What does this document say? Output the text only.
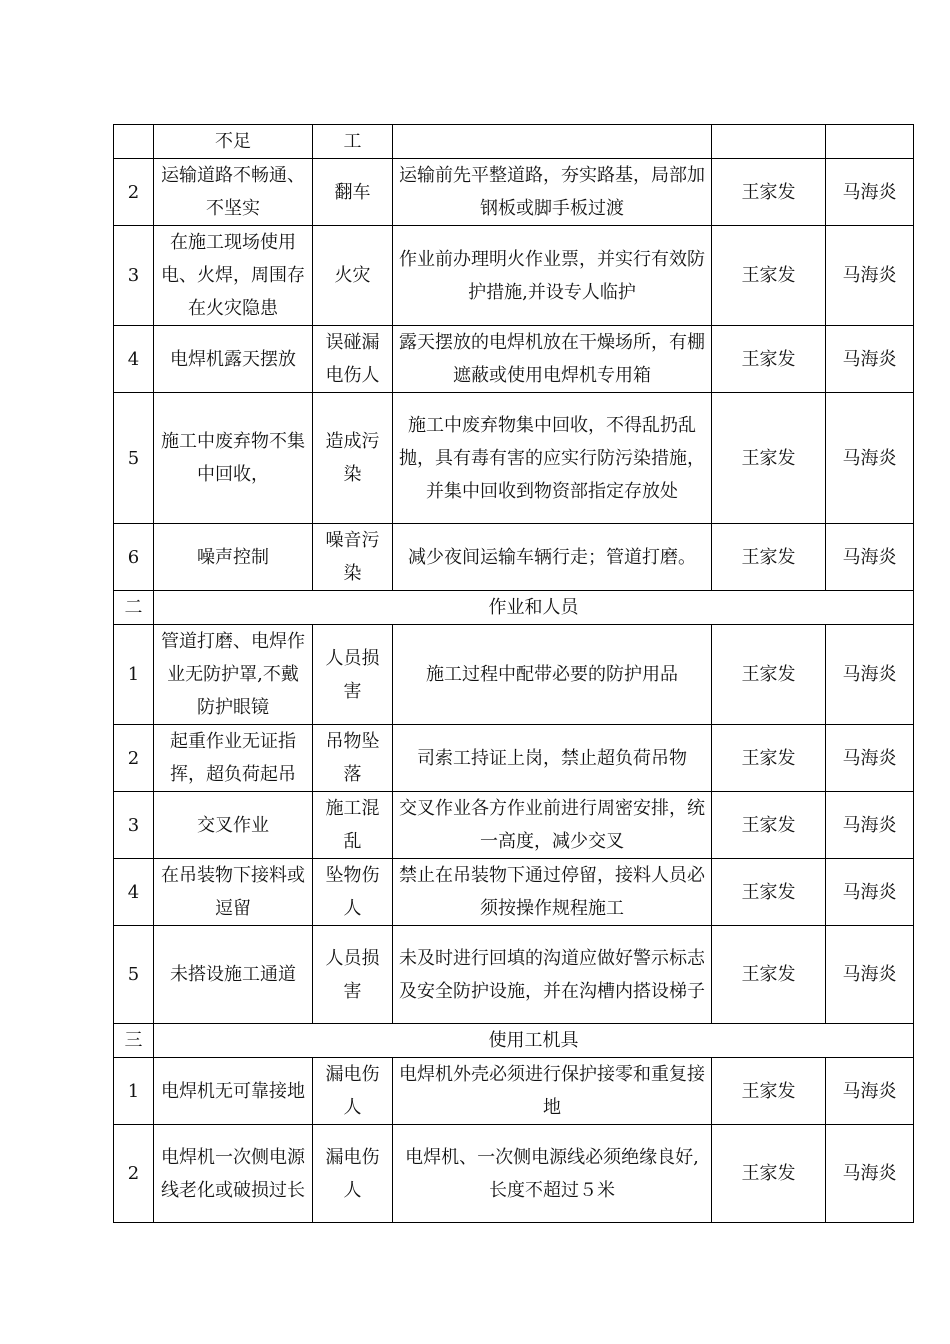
	不足	工			
2	运输道路不畅通、不坚实	翻车	运输前先平整道路，夯实路基，局部加钢板或脚手板过渡	王家发	马海炎
3	在施工现场使用电、火焊，周围存在火灾隐患	火灾	作业前办理明火作业票，并实行有效防护措施,并设专人临护	王家发	马海炎
4	电焊机露天摆放	误碰漏电伤人	露天摆放的电焊机放在干燥场所，有棚遮蔽或使用电焊机专用箱	王家发	马海炎
5	施工中废弃物不集中回收，	造成污染	施工中废弃物集中回收，不得乱扔乱抛，具有毒有害的应实行防污染措施，并集中回收到物资部指定存放处	王家发	马海炎
6	噪声控制	噪音污染	减少夜间运输车辆行走；管道打磨。	王家发	马海炎
二	作业和人员				
1	管道打磨、电焊作业无防护罩,不戴防护眼镜	人员损害	施工过程中配带必要的防护用品	王家发	马海炎
2	起重作业无证指挥，超负荷起吊	吊物坠落	司索工持证上岗，禁止超负荷吊物	王家发	马海炎
3	交叉作业	施工混乱	交叉作业各方作业前进行周密安排，统一高度，减少交叉	王家发	马海炎
4	在吊装物下接料或逗留	坠物伤人	禁止在吊装物下通过停留，接料人员必须按操作规程施工	王家发	马海炎
5	未搭设施工通道	人员损害	未及时进行回填的沟道应做好警示标志及安全防护设施，并在沟槽内搭设梯子	王家发	马海炎
三	使用工机具				
1	电焊机无可靠接地	漏电伤人	电焊机外壳必须进行保护接零和重复接地	王家发	马海炎
2	电焊机一次侧电源线老化或破损过长	漏电伤人	电焊机、一次侧电源线必须绝缘良好,长度不超过５米	王家发	马海炎
